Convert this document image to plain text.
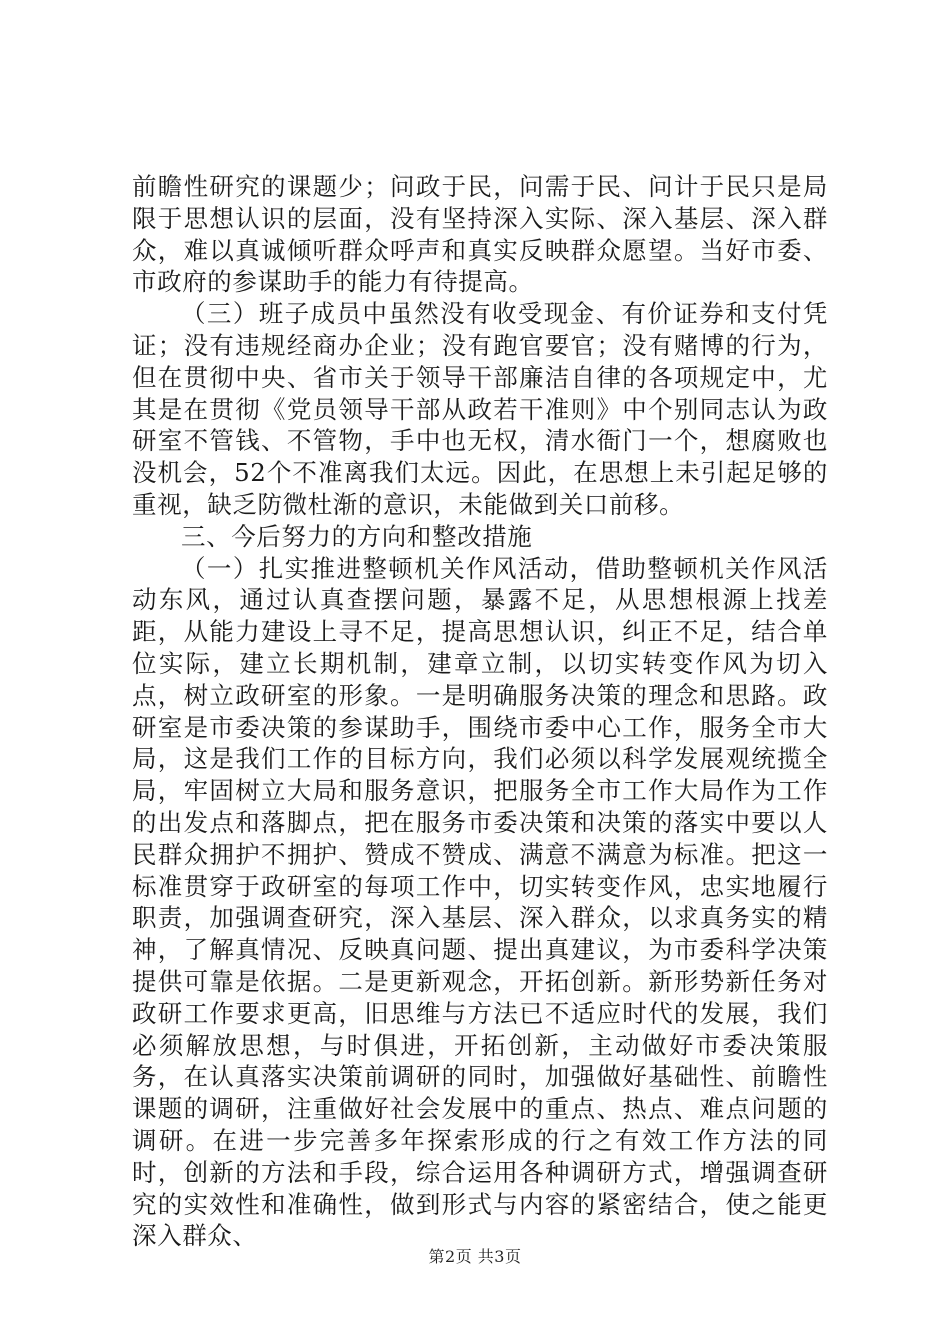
前瞻性研究的课题少；问政于民，问需于民、问计于民只是局限于思想认识的层面，没有坚持深入实际、深入基层、深入群众，难以真诚倾听群众呼声和真实反映群众愿望。当好市委、市政府的参谋助手的能力有待提高。

（三）班子成员中虽然没有收受现金、有价证券和支付凭证；没有违规经商办企业；没有跑官要官；没有赌博的行为，但在贯彻中央、省市关于领导干部廉洁自律的各项规定中，尤其是在贯彻《党员领导干部从政若干准则》中个别同志认为政研室不管钱、不管物，手中也无权，清水衙门一个，想腐败也没机会，52个不准离我们太远。因此，在思想上未引起足够的重视，缺乏防微杜渐的意识，未能做到关口前移。

三、今后努力的方向和整改措施

（一）扎实推进整顿机关作风活动，借助整顿机关作风活动东风，通过认真查摆问题，暴露不足，从思想根源上找差距，从能力建设上寻不足，提高思想认识，纠正不足，结合单位实际，建立长期机制，建章立制，以切实转变作风为切入点，树立政研室的形象。一是明确服务决策的理念和思路。政研室是市委决策的参谋助手，围绕市委中心工作，服务全市大局，这是我们工作的目标方向，我们必须以科学发展观统揽全局，牢固树立大局和服务意识，把服务全市工作大局作为工作的出发点和落脚点，把在服务市委决策和决策的落实中要以人民群众拥护不拥护、赞成不赞成、满意不满意为标准。把这一标准贯穿于政研室的每项工作中，切实转变作风，忠实地履行职责，加强调查研究，深入基层、深入群众，以求真务实的精神，了解真情况、反映真问题、提出真建议，为市委科学决策提供可靠是依据。二是更新观念，开拓创新。新形势新任务对政研工作要求更高，旧思维与方法已不适应时代的发展，我们必须解放思想，与时俱进，开拓创新，主动做好市委决策服务，在认真落实决策前调研的同时，加强做好基础性、前瞻性课题的调研，注重做好社会发展中的重点、热点、难点问题的调研。在进一步完善多年探索形成的行之有效工作方法的同时，创新的方法和手段，综合运用各种调研方式，增强调查研究的实效性和准确性，做到形式与内容的紧密结合，使之能更深入群众、

第2页 共3页
